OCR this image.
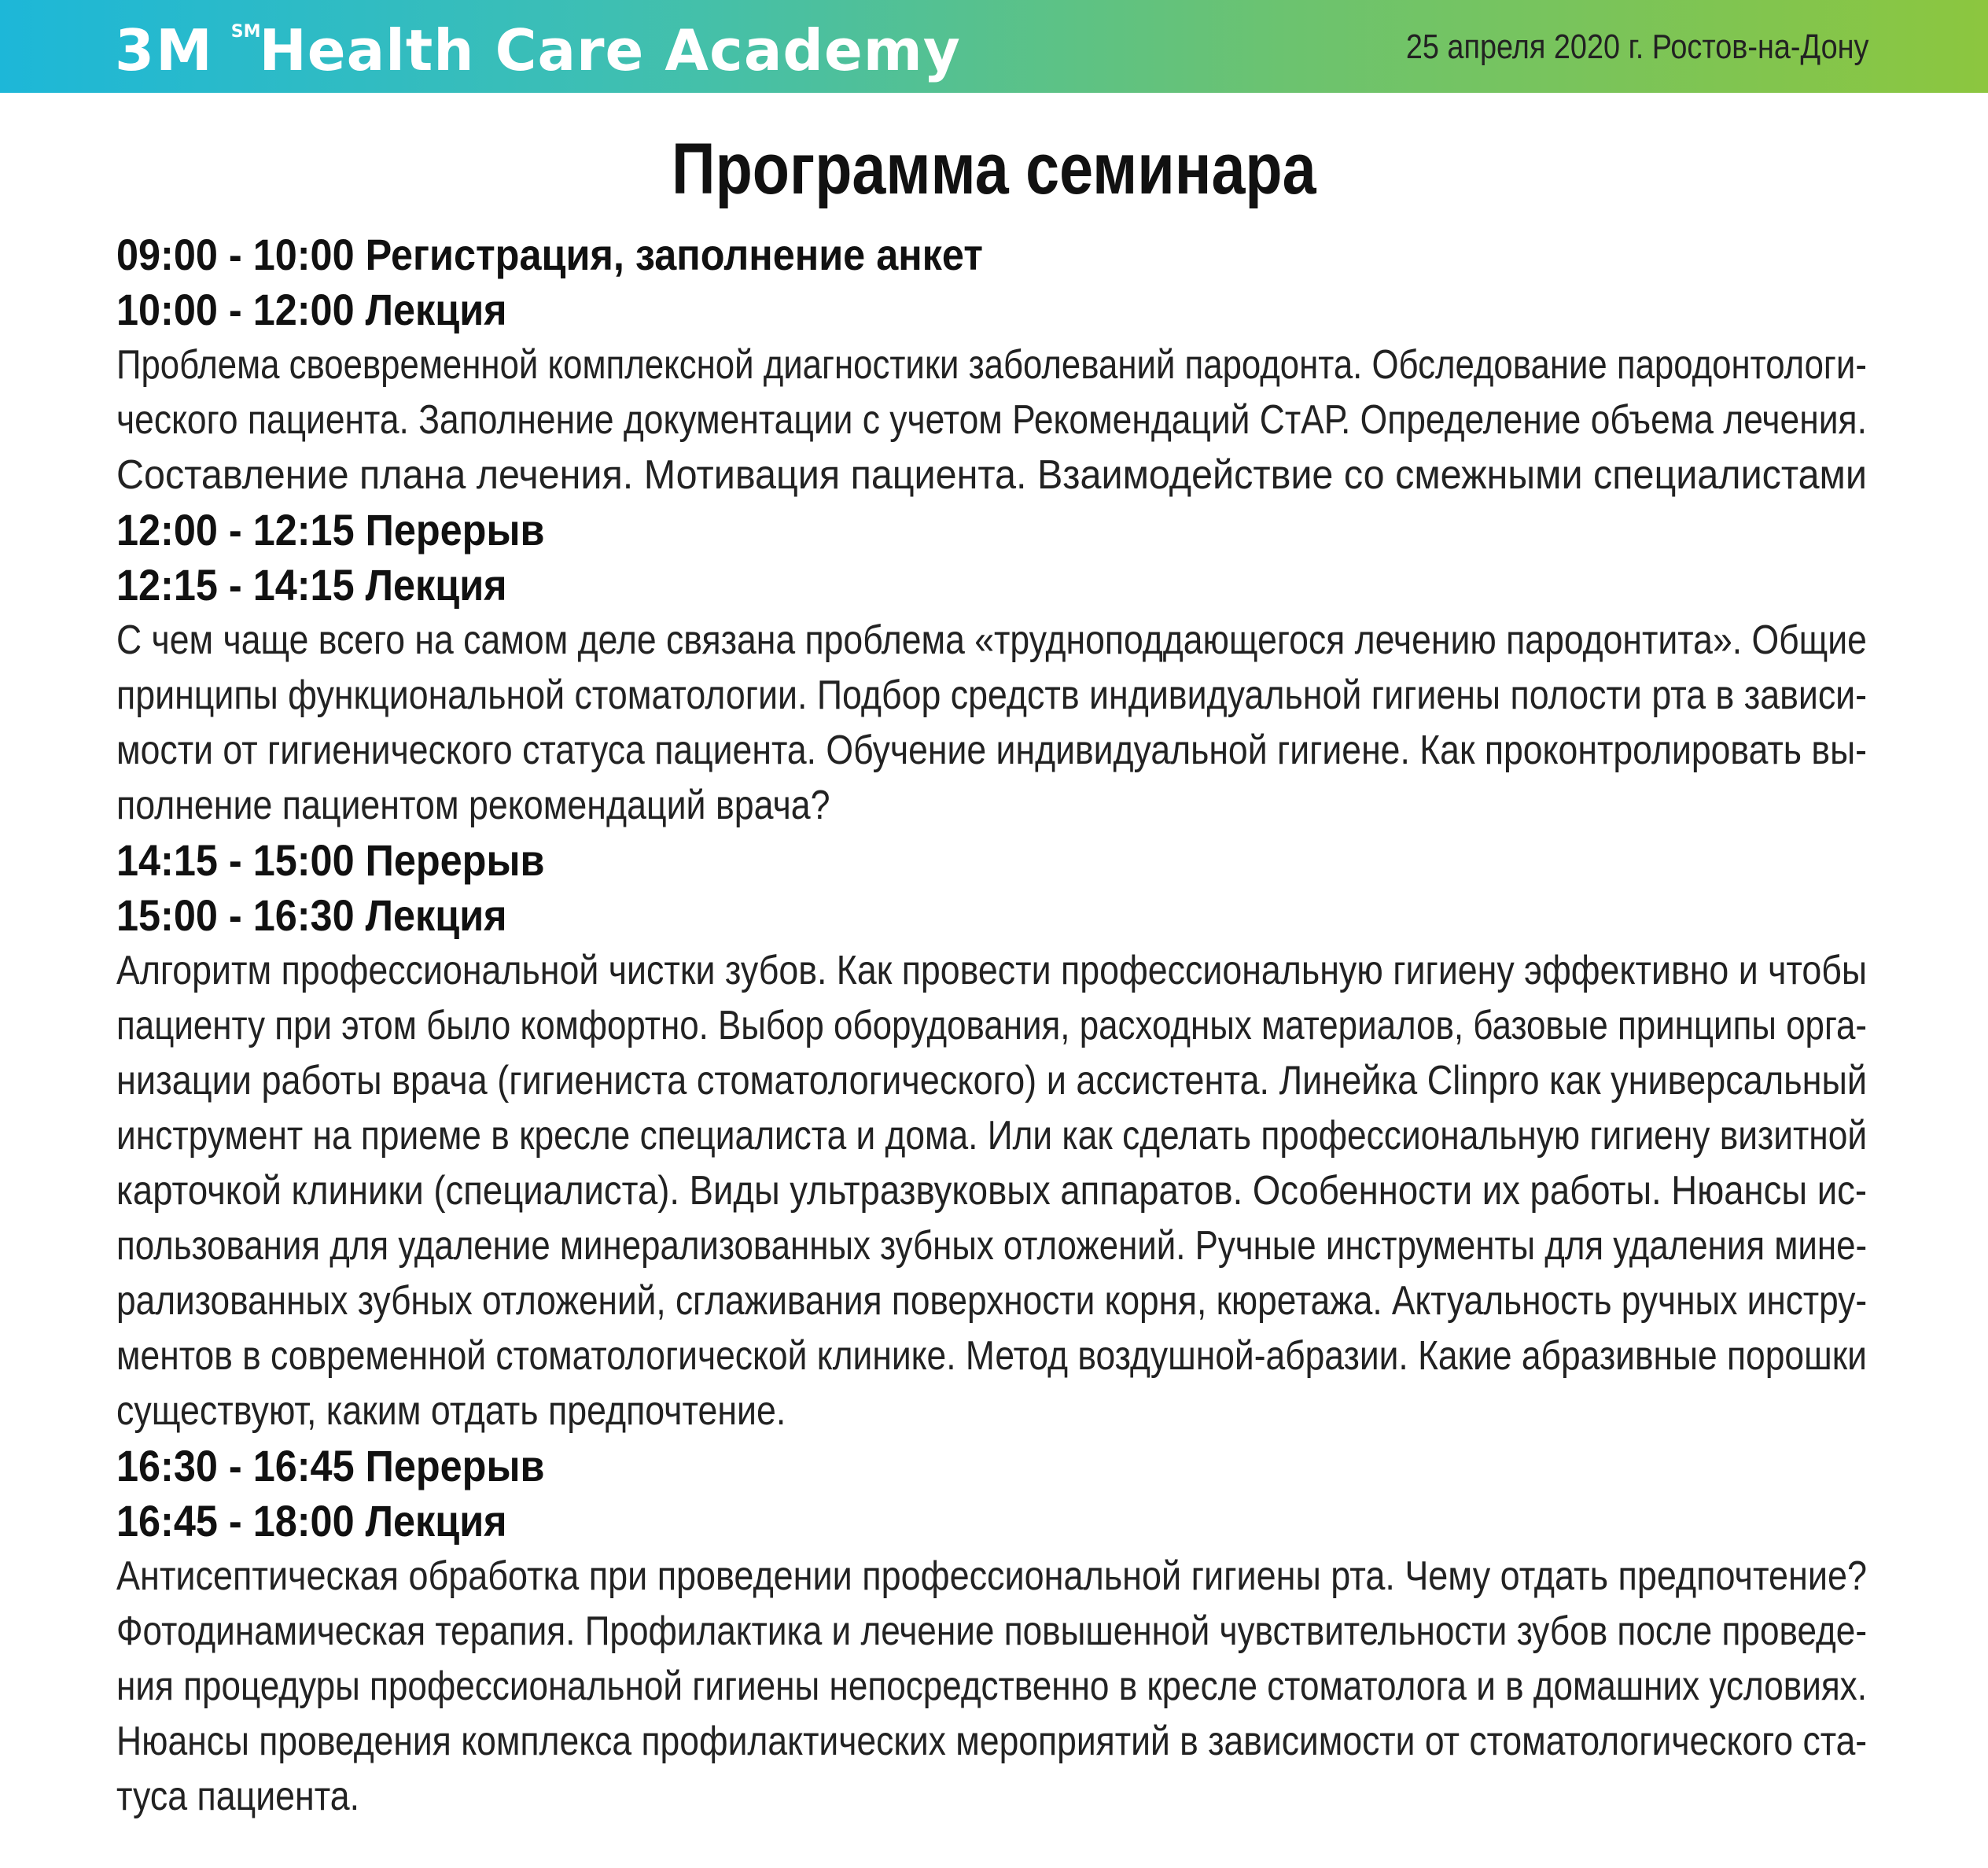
3M SM
Health Care Academy	25 апреля 2020 г. Ростов-на-Дону
Программа семинара
09:00 - 10:00 Регистрация, заполнение анкет
10:00 - 12:00 Лекция
Проблема своевременной комплексной диагностики заболеваний пародонта. Обследование пародонтологи-
ческого пациента. Заполнение документации с учетом Рекомендаций СтАР. Определение объема лечения.
Составление плана лечения. Мотивация пациента. Взаимодействие со смежными специалистами
12:00 - 12:15 Перерыв
12:15 - 14:15 Лекция
С чем чаще всего на самом деле связана проблема «трудноподдающегося лечению пародонтита». Общие
принципы функциональной стоматологии. Подбор средств индивидуальной гигиены полости рта в зависи-
мости от гигиенического статуса пациента. Обучение индивидуальной гигиене. Как проконтролировать вы-
полнение пациентом рекомендаций врача?
14:15 - 15:00 Перерыв
15:00 - 16:30 Лекция
Алгоритм профессиональной чистки зубов. Как провести профессиональную гигиену эффективно и чтобы
пациенту при этом было комфортно. Выбор оборудования, расходных материалов, базовые принципы орга-
низации работы врача (гигиениста стоматологического) и ассистента. Линейка Clinpro как универсальный
инструмент на приеме в кресле специалиста и дома. Или как сделать профессиональную гигиену визитной
карточкой клиники (специалиста). Виды ультразвуковых аппаратов. Особенности их работы. Нюансы ис-
пользования для удаление минерализованных зубных отложений. Ручные инструменты для удаления мине-
рализованных зубных отложений, сглаживания поверхности корня, кюретажа. Актуальность ручных инстру-
ментов в современной стоматологической клинике. Метод воздушной-абразии. Какие абразивные порошки
существуют, каким отдать предпочтение.
16:30 - 16:45 Перерыв
16:45 - 18:00 Лекция
Антисептическая обработка при проведении профессиональной гигиены рта. Чему отдать предпочтение?
Фотодинамическая терапия. Профилактика и лечение повышенной чувствительности зубов после проведе-
ния процедуры профессиональной гигиены непосредственно в кресле стоматолога и в домашних условиях.
Нюансы проведения комплекса профилактических мероприятий в зависимости от стоматологического ста-
туса пациента.
